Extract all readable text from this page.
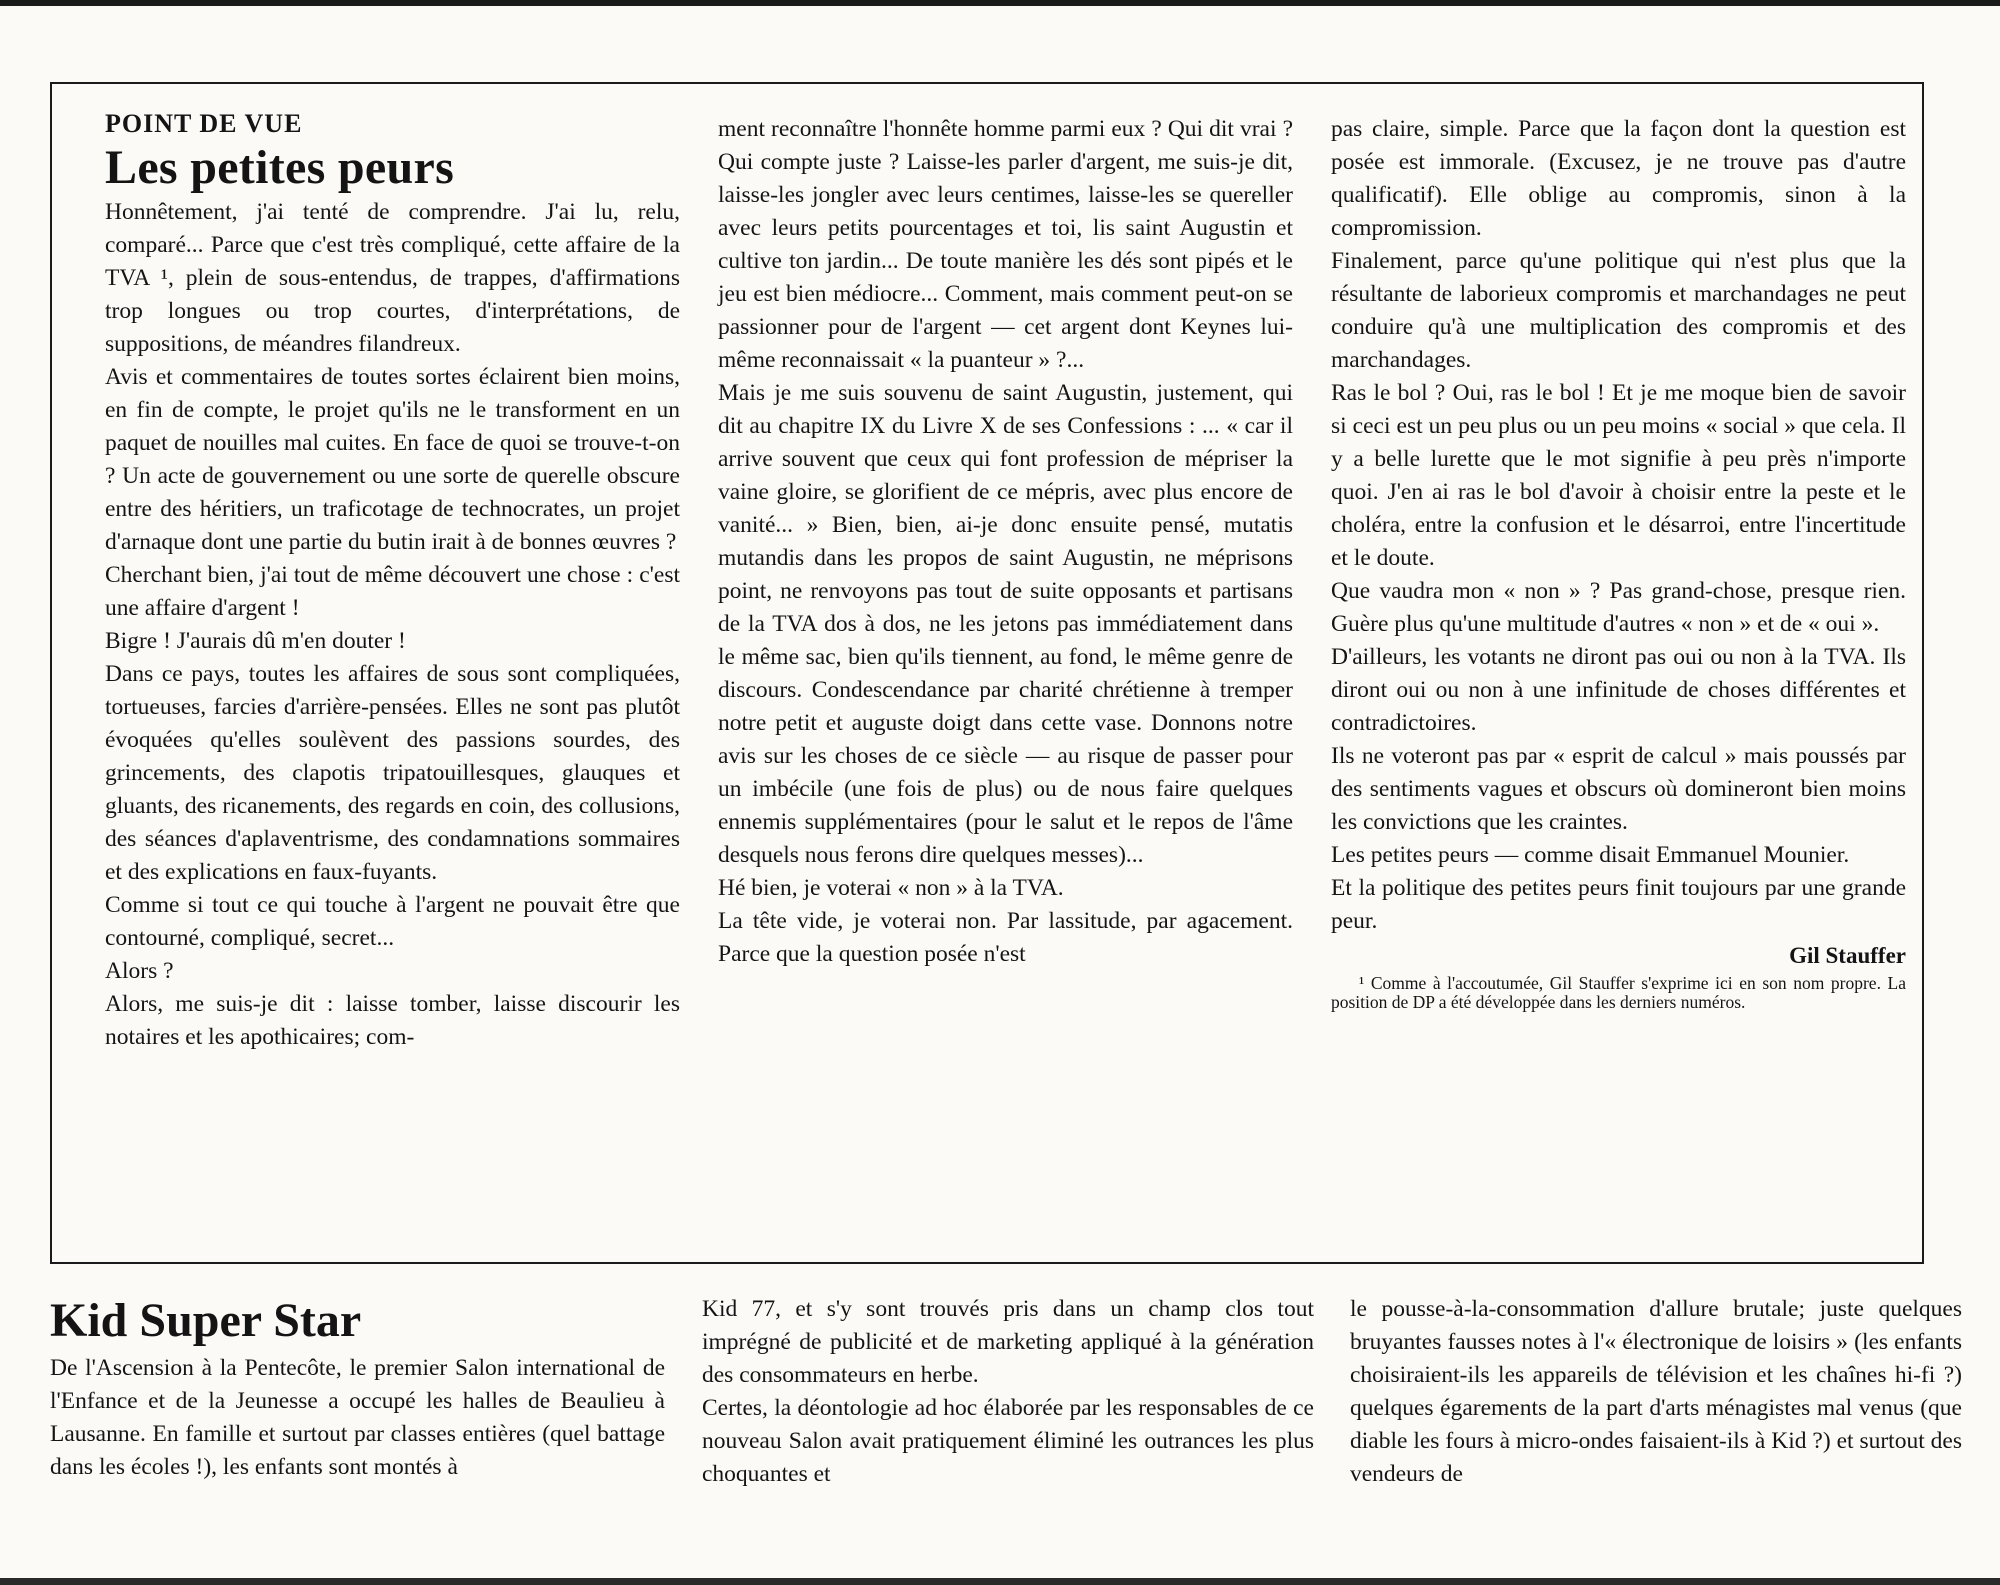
POINT DE VUE

Les petites peurs

Honnêtement, j'ai tenté de comprendre. J'ai lu, relu, comparé... Parce que c'est très compliqué, cette affaire de la TVA ¹, plein de sous-entendus, de trappes, d'affirmations trop longues ou trop courtes, d'interprétations, de suppositions, de méandres filandreux.

Avis et commentaires de toutes sortes éclairent bien moins, en fin de compte, le projet qu'ils ne le transforment en un paquet de nouilles mal cuites. En face de quoi se trouve-t-on ? Un acte de gouvernement ou une sorte de querelle obscure entre des héritiers, un traficotage de technocrates, un projet d'arnaque dont une partie du butin irait à de bonnes œuvres ?

Cherchant bien, j'ai tout de même découvert une chose : c'est une affaire d'argent !

Bigre ! J'aurais dû m'en douter !

Dans ce pays, toutes les affaires de sous sont compliquées, tortueuses, farcies d'arrière-pensées. Elles ne sont pas plutôt évoquées qu'elles soulèvent des passions sourdes, des grincements, des clapotis tripatouillesques, glauques et gluants, des ricanements, des regards en coin, des collusions, des séances d'aplaventrisme, des condamnations sommaires et des explications en faux-fuyants.

Comme si tout ce qui touche à l'argent ne pouvait être que contourné, compliqué, secret...

Alors ?

Alors, me suis-je dit : laisse tomber, laisse discourir les notaires et les apothicaires; com-

ment reconnaître l'honnête homme parmi eux ? Qui dit vrai ? Qui compte juste ? Laisse-les parler d'argent, me suis-je dit, laisse-les jongler avec leurs centimes, laisse-les se quereller avec leurs petits pourcentages et toi, lis saint Augustin et cultive ton jardin... De toute manière les dés sont pipés et le jeu est bien médiocre... Comment, mais comment peut-on se passionner pour de l'argent — cet argent dont Keynes lui-même reconnaissait « la puanteur » ?...

Mais je me suis souvenu de saint Augustin, justement, qui dit au chapitre IX du Livre X de ses Confessions : ... « car il arrive souvent que ceux qui font profession de mépriser la vaine gloire, se glorifient de ce mépris, avec plus encore de vanité... » Bien, bien, ai-je donc ensuite pensé, mutatis mutandis dans les propos de saint Augustin, ne méprisons point, ne renvoyons pas tout de suite opposants et partisans de la TVA dos à dos, ne les jetons pas immédiatement dans le même sac, bien qu'ils tiennent, au fond, le même genre de discours. Condescendance par charité chrétienne à tremper notre petit et auguste doigt dans cette vase. Donnons notre avis sur les choses de ce siècle — au risque de passer pour un imbécile (une fois de plus) ou de nous faire quelques ennemis supplémentaires (pour le salut et le repos de l'âme desquels nous ferons dire quelques messes)...

Hé bien, je voterai « non » à la TVA.

La tête vide, je voterai non. Par lassitude, par agacement. Parce que la question posée n'est

pas claire, simple. Parce que la façon dont la question est posée est immorale. (Excusez, je ne trouve pas d'autre qualificatif). Elle oblige au compromis, sinon à la compromission.

Finalement, parce qu'une politique qui n'est plus que la résultante de laborieux compromis et marchandages ne peut conduire qu'à une multiplication des compromis et des marchandages.

Ras le bol ? Oui, ras le bol ! Et je me moque bien de savoir si ceci est un peu plus ou un peu moins « social » que cela. Il y a belle lurette que le mot signifie à peu près n'importe quoi. J'en ai ras le bol d'avoir à choisir entre la peste et le choléra, entre la confusion et le désarroi, entre l'incertitude et le doute.

Que vaudra mon « non » ? Pas grand-chose, presque rien. Guère plus qu'une multitude d'autres « non » et de « oui ».

D'ailleurs, les votants ne diront pas oui ou non à la TVA. Ils diront oui ou non à une infinitude de choses différentes et contradictoires.

Ils ne voteront pas par « esprit de calcul » mais poussés par des sentiments vagues et obscurs où domineront bien moins les convictions que les craintes.

Les petites peurs — comme disait Emmanuel Mounier.

Et la politique des petites peurs finit toujours par une grande peur.

Gil Stauffer

¹ Comme à l'accoutumée, Gil Stauffer s'exprime ici en son nom propre. La position de DP a été développée dans les derniers numéros.

Kid Super Star

De l'Ascension à la Pentecôte, le premier Salon international de l'Enfance et de la Jeunesse a occupé les halles de Beaulieu à Lausanne. En famille et surtout par classes entières (quel battage dans les écoles !), les enfants sont montés à

Kid 77, et s'y sont trouvés pris dans un champ clos tout imprégné de publicité et de marketing appliqué à la génération des consommateurs en herbe.

Certes, la déontologie ad hoc élaborée par les responsables de ce nouveau Salon avait pratiquement éliminé les outrances les plus choquantes et

le pousse-à-la-consommation d'allure brutale; juste quelques bruyantes fausses notes à l'« électronique de loisirs » (les enfants choisiraient-ils les appareils de télévision et les chaînes hi-fi ?) quelques égarements de la part d'arts ménagistes mal venus (que diable les fours à micro-ondes faisaient-ils à Kid ?) et surtout des vendeurs de
